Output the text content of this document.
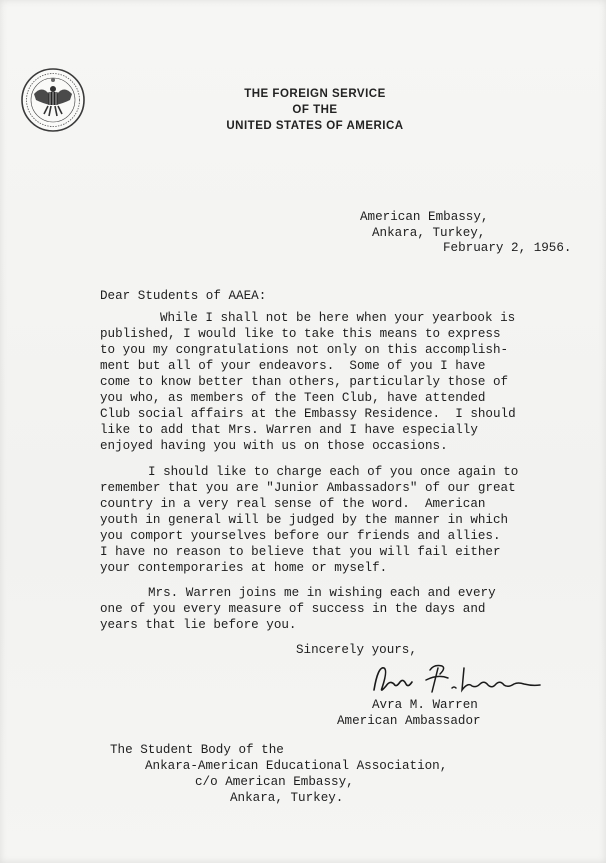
THE FOREIGN SERVICE
OF THE
UNITED STATES OF AMERICA
American Embassy,
Ankara, Turkey,
February 2, 1956.
Dear Students of AAEA:
While I shall not be here when your yearbook is
published, I would like to take this means to express
to you my congratulations not only on this accomplish-
ment but all of your endeavors.  Some of you I have
come to know better than others, particularly those of
you who, as members of the Teen Club, have attended
Club social affairs at the Embassy Residence.  I should
like to add that Mrs. Warren and I have especially
enjoyed having you with us on those occasions.
I should like to charge each of you once again to
remember that you are "Junior Ambassadors" of our great
country in a very real sense of the word.  American
youth in general will be judged by the manner in which
you comport yourselves before our friends and allies.
I have no reason to believe that you will fail either
your contemporaries at home or myself.
Mrs. Warren joins me in wishing each and every
one of you every measure of success in the days and
years that lie before you.
Sincerely yours,
Avra M. Warren
American Ambassador
The Student Body of the
Ankara-American Educational Association,
c/o American Embassy,
Ankara, Turkey.
